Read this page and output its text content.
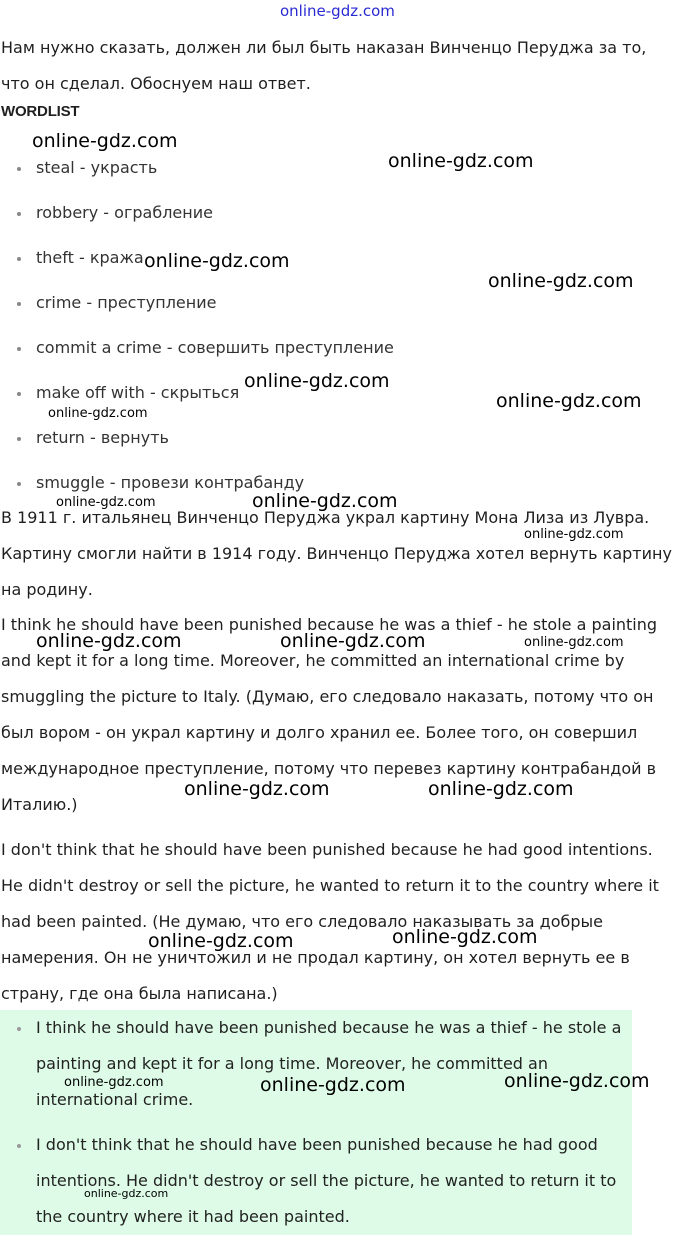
online-gdz.com

Нам нужно сказать, должен ли был быть наказан Винченцо Перуджа за то, что он сделал. Обоснуем наш ответ.

WORDLIST
steal - украсть
robbery - ограбление
theft - кража
crime - преступление
commit a crime - совершить преступление
make off with - скрыться
return - вернуть
smuggle - провези контрабанду

В 1911 г. итальянец Винченцо Перуджа украл картину Мона Лиза из Лувра. Картину смогли найти в 1914 году. Винченцо Перуджа хотел вернуть картину на родину.

I think he should have been punished because he was a thief - he stole a painting and kept it for a long time. Moreover, he committed an international crime by smuggling the picture to Italy. (Думаю, его следовало наказать, потому что он был вором - он украл картину и долго хранил ее. Более того, он совершил международное преступление, потому что перевез картину контрабандой в Италию.)

I don't think that he should have been punished because he had good intentions. He didn't destroy or sell the picture, he wanted to return it to the country where it had been painted. (Не думаю, что его следовало наказывать за добрые намерения. Он не уничтожил и не продал картину, он хотел вернуть ее в страну, где она была написана.)

I think he should have been punished because he was a thief - he stole a painting and kept it for a long time. Moreover, he committed an international crime.
I don't think that he should have been punished because he had good intentions. He didn't destroy or sell the picture, he wanted to return it to the country where it had been painted.
online-gdz.com
online-gdz.com
online-gdz.com
online-gdz.com
online-gdz.com
online-gdz.com
online-gdz.com
online-gdz.com	online-gdz.com
online-gdz.com
online-gdz.com	online-gdz.com	online-gdz.com
online-gdz.com	online-gdz.com
online-gdz.com	online-gdz.com
online-gdz.com	online-gdz.com	online-gdz.com
online-gdz.com
